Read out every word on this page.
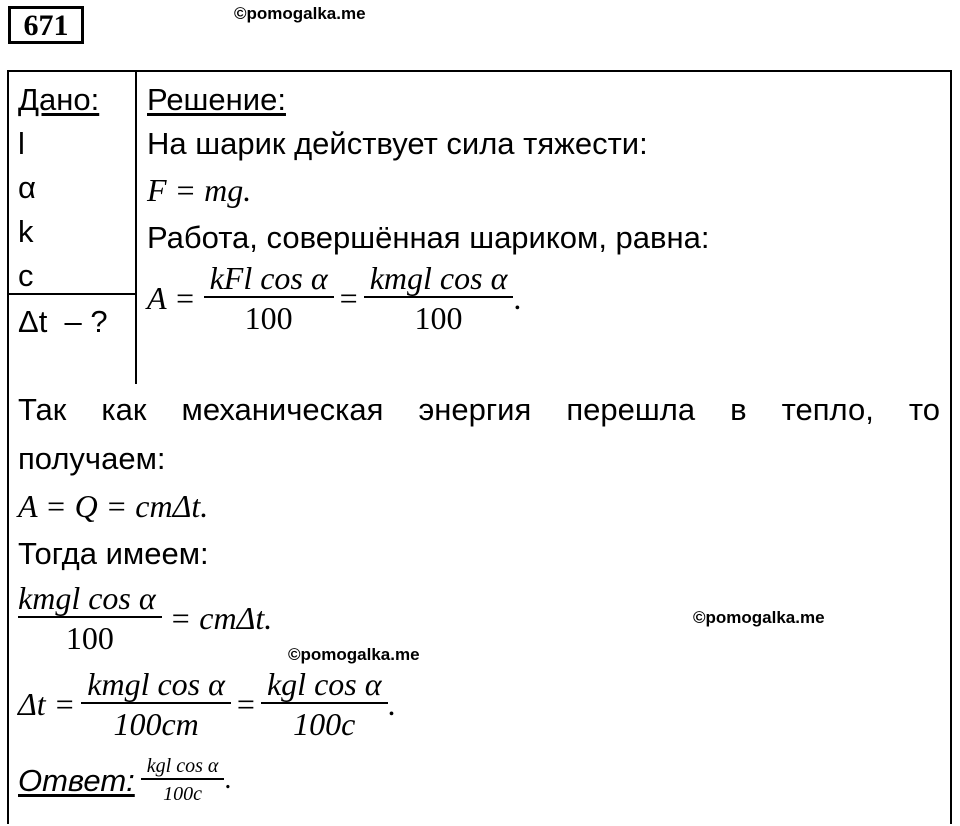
671	©pomogalka.me
©pomogalka.me
©pomogalka.me
Дано:
l
α
k
c
Δt  – ?
Решение:
На шарик действует сила тяжести:
F = mg.
Работа, совершённая шариком, равна:
$A = \frac{\text{kFl cos α}}{100} = \frac{\text{kmgl cos α}}{100}$ .
Так  как  механическая  энергия  перешла  в  тепло,  то
получаем:
A = Q = cmΔt.
Тогда имеем:
$\frac{\text{kmgl cos α}}{100} = cm\Delta t$.
$\Delta t = \frac{\text{kmgl cos α}}{100cm} = \frac{\text{kgl cos α}}{100c}$ .
Ответ: $\frac{\text{kgl cos α}}{100c}$ .
